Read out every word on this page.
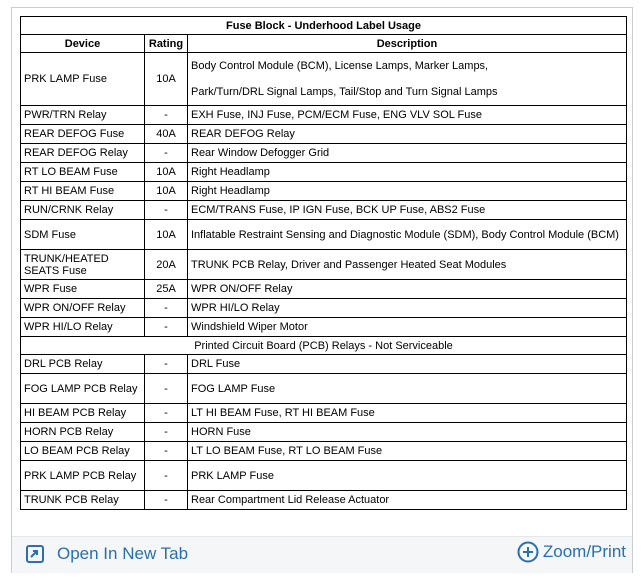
Fuse Block - Underhood Label Usage		
Device	Rating	Description
PRK LAMP Fuse	10A	Body Control Module (BCM), License Lamps, Marker Lamps,
Park/Turn/DRL Signal Lamps, Tail/Stop and Turn Signal Lamps

PWR/TRN Relay	-	EXH Fuse, INJ Fuse, PCM/ECM Fuse, ENG VLV SOL Fuse
REAR DEFOG Fuse	40A	REAR DEFOG Relay
REAR DEFOG Relay	-	Rear Window Defogger Grid
RT LO BEAM Fuse	10A	Right Headlamp
RT HI BEAM Fuse	10A	Right Headlamp
RUN/CRNK Relay	-	ECM/TRANS Fuse, IP IGN Fuse, BCK UP Fuse, ABS2 Fuse
SDM Fuse	10A	Inflatable Restraint Sensing and Diagnostic Module (SDM), Body Control Module (BCM)
TRUNK/HEATED SEATS Fuse	20A	TRUNK PCB Relay, Driver and Passenger Heated Seat Modules
WPR Fuse	25A	WPR ON/OFF Relay
WPR ON/OFF Relay	-	WPR HI/LO Relay
WPR HI/LO Relay	-	Windshield Wiper Motor
Printed Circuit Board (PCB) Relays - Not Serviceable		
DRL PCB Relay	-	DRL Fuse
FOG LAMP PCB Relay	-	FOG LAMP Fuse
HI BEAM PCB Relay	-	LT HI BEAM Fuse, RT HI BEAM Fuse
HORN PCB Relay	-	HORN Fuse
LO BEAM PCB Relay	-	LT LO BEAM Fuse, RT LO BEAM Fuse
PRK LAMP PCB Relay	-	PRK LAMP Fuse
TRUNK PCB Relay	-	Rear Compartment Lid Release Actuator
Open In New Tab	Zoom/Print
